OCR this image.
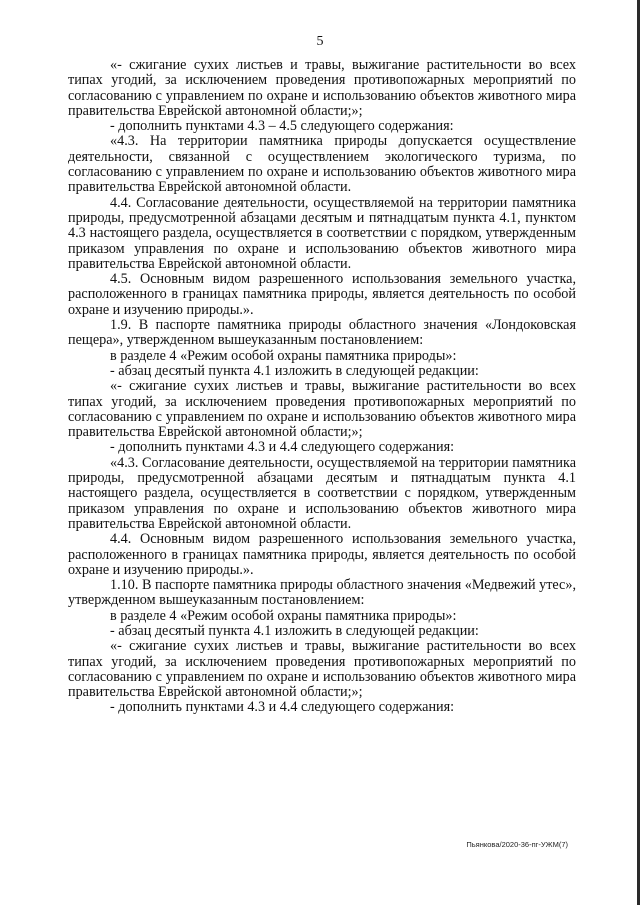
5

«- сжигание сухих листьев и травы, выжигание растительности во всех типах угодий, за исключением проведения противопожарных мероприятий по согласованию с управлением по охране и использованию объектов животного мира правительства Еврейской автономной области;»;

- дополнить пунктами 4.3 – 4.5 следующего содержания:

«4.3. На территории памятника природы допускается осуществление деятельности, связанной с осуществлением экологического туризма, по согласованию с управлением по охране и использованию объектов животного мира правительства Еврейской автономной области.

4.4. Согласование деятельности, осуществляемой на территории памятника природы, предусмотренной абзацами десятым и пятнадцатым пункта 4.1, пунктом 4.3 настоящего раздела, осуществляется в соответствии с порядком, утвержденным приказом управления по охране и использованию объектов животного мира правительства Еврейской автономной области.

4.5. Основным видом разрешенного использования земельного участка, расположенного в границах памятника природы, является деятельность по особой охране и изучению природы.».

1.9. В паспорте памятника природы областного значения «Лондоковская пещера», утвержденном вышеуказанным постановлением:

в разделе 4 «Режим особой охраны памятника природы»:

- абзац десятый пункта 4.1 изложить в следующей редакции:

«- сжигание сухих листьев и травы, выжигание растительности во всех типах угодий, за исключением проведения противопожарных мероприятий по согласованию с управлением по охране и использованию объектов животного мира правительства Еврейской автономной области;»;

- дополнить пунктами 4.3 и 4.4 следующего содержания:

«4.3. Согласование деятельности, осуществляемой на территории памятника природы, предусмотренной абзацами десятым и пятнадцатым пункта 4.1 настоящего раздела, осуществляется в соответствии с порядком, утвержденным приказом управления по охране и использованию объектов животного мира правительства Еврейской автономной области.

4.4. Основным видом разрешенного использования земельного участка, расположенного в границах памятника природы, является деятельность по особой охране и изучению природы.».

1.10. В паспорте памятника природы областного значения «Медвежий утес», утвержденном вышеуказанным постановлением:

в разделе 4 «Режим особой охраны памятника природы»:

- абзац десятый пункта 4.1 изложить в следующей редакции:

«- сжигание сухих листьев и травы, выжигание растительности во всех типах угодий, за исключением проведения противопожарных мероприятий по согласованию с управлением по охране и использованию объектов животного мира правительства Еврейской автономной области;»;

- дополнить пунктами 4.3 и 4.4 следующего содержания:

Пьянкова/2020-36-пг-УЖМ(7)
